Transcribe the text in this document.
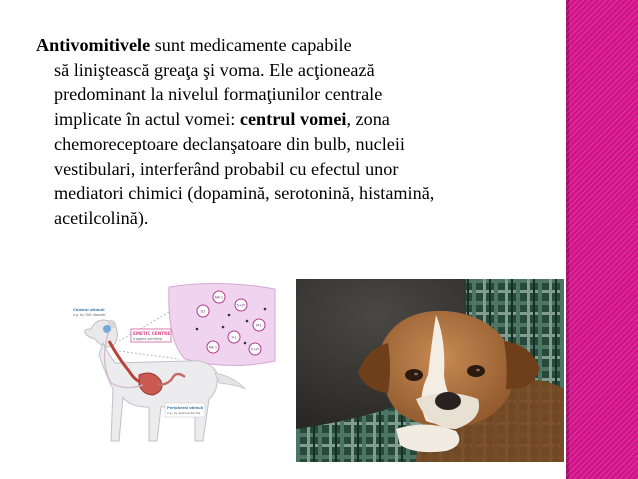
Antivomitivele sunt medicamente capabile
să liniştească greaţa şi voma. Ele acţionează
predominant la nivelul formaţiunilor centrale
implicate în actul vomei: centrul vomei, zona
chemoreceptoare declanşatoare din bulb, nucleii
vestibulari, interferând probabil cu efectul unor
mediatori chimici (dopamină, serotonină, histamină,
acetilcolină).
NK-1
5-HT
D2
M1
H1
NK-1	5-HT
EMETIC CENTRE
triggers vomiting
Central stimuli
e.g. by CNS disorder
Peripheral stimuli
e.g. by gastroenteritis
